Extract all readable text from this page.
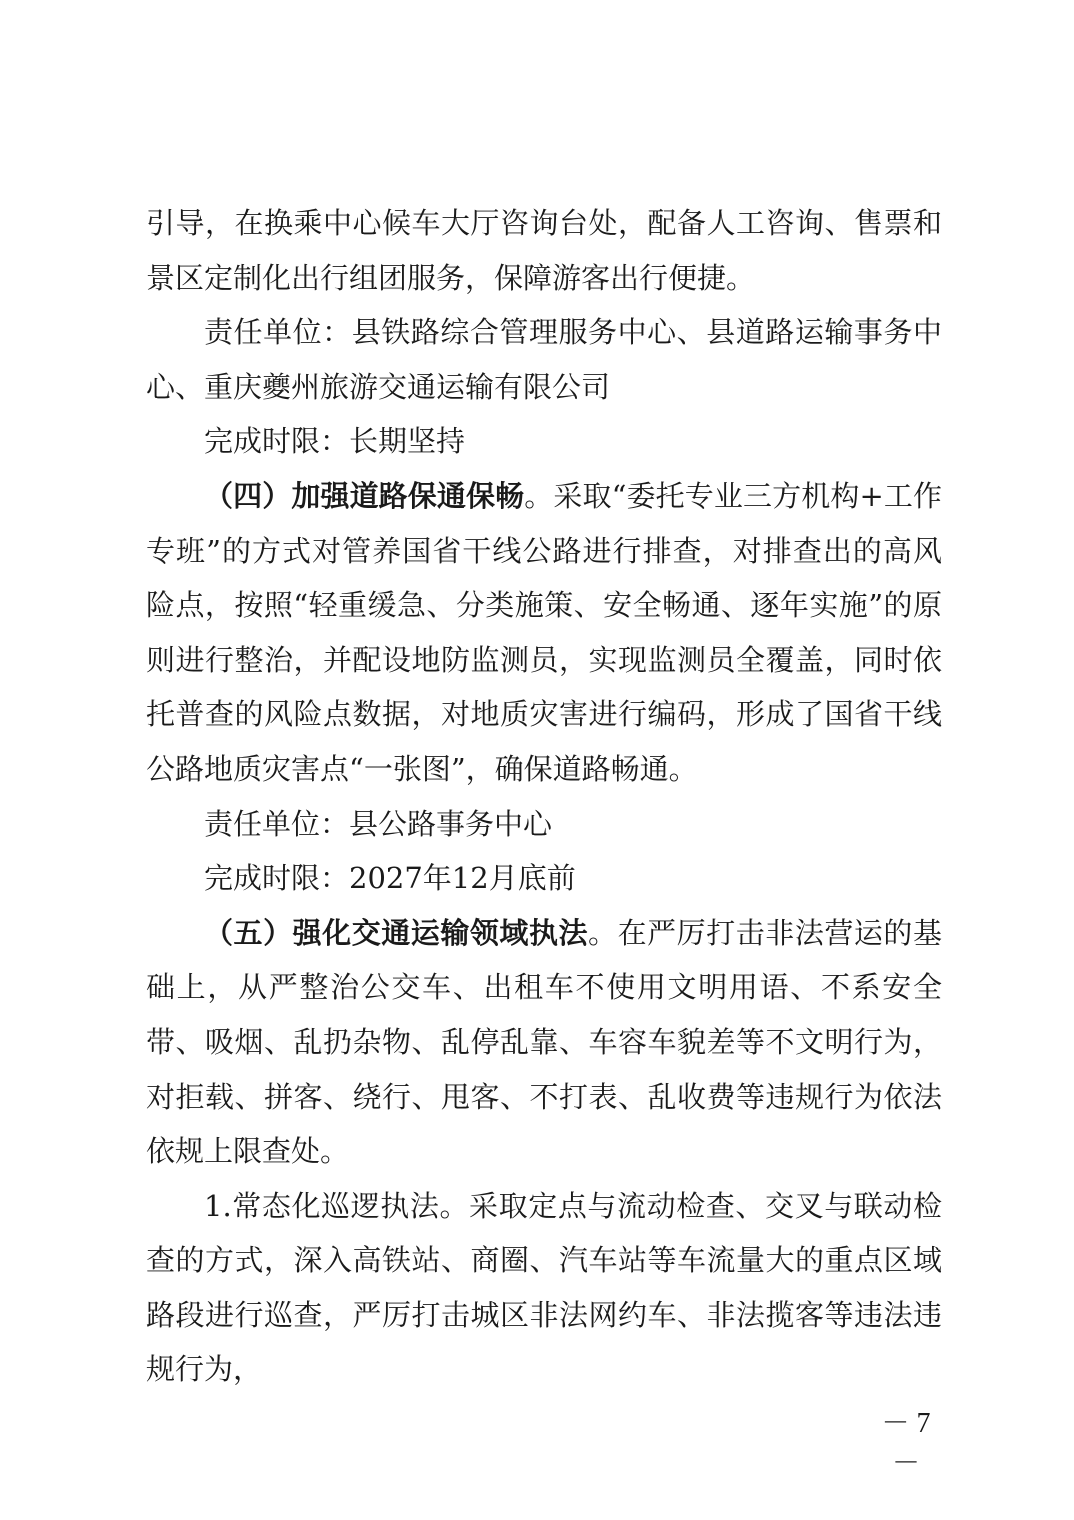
引导，在换乘中心候车大厅咨询台处，配备人工咨询、售票和景区定制化出行组团服务，保障游客出行便捷。

责任单位：县铁路综合管理服务中心、县道路运输事务中心、重庆夔州旅游交通运输有限公司

完成时限：长期坚持

（四）加强道路保通保畅。采取“委托专业三方机构+工作专班”的方式对管养国省干线公路进行排查，对排查出的高风险点，按照“轻重缓急、分类施策、安全畅通、逐年实施”的原则进行整治，并配设地防监测员，实现监测员全覆盖，同时依托普查的风险点数据，对地质灾害进行编码，形成了国省干线公路地质灾害点“一张图”，确保道路畅通。

责任单位：县公路事务中心

完成时限：2027年12月底前

（五）强化交通运输领域执法。在严厉打击非法营运的基础上，从严整治公交车、出租车不使用文明用语、不系安全带、吸烟、乱扔杂物、乱停乱靠、车容车貌差等不文明行为，对拒载、拼客、绕行、甩客、不打表、乱收费等违规行为依法依规上限查处。

1.常态化巡逻执法。采取定点与流动检查、交叉与联动检查的方式，深入高铁站、商圈、汽车站等车流量大的重点区域路段进行巡查，严厉打击城区非法网约车、非法揽客等违法违规行为，

－ 7 －
